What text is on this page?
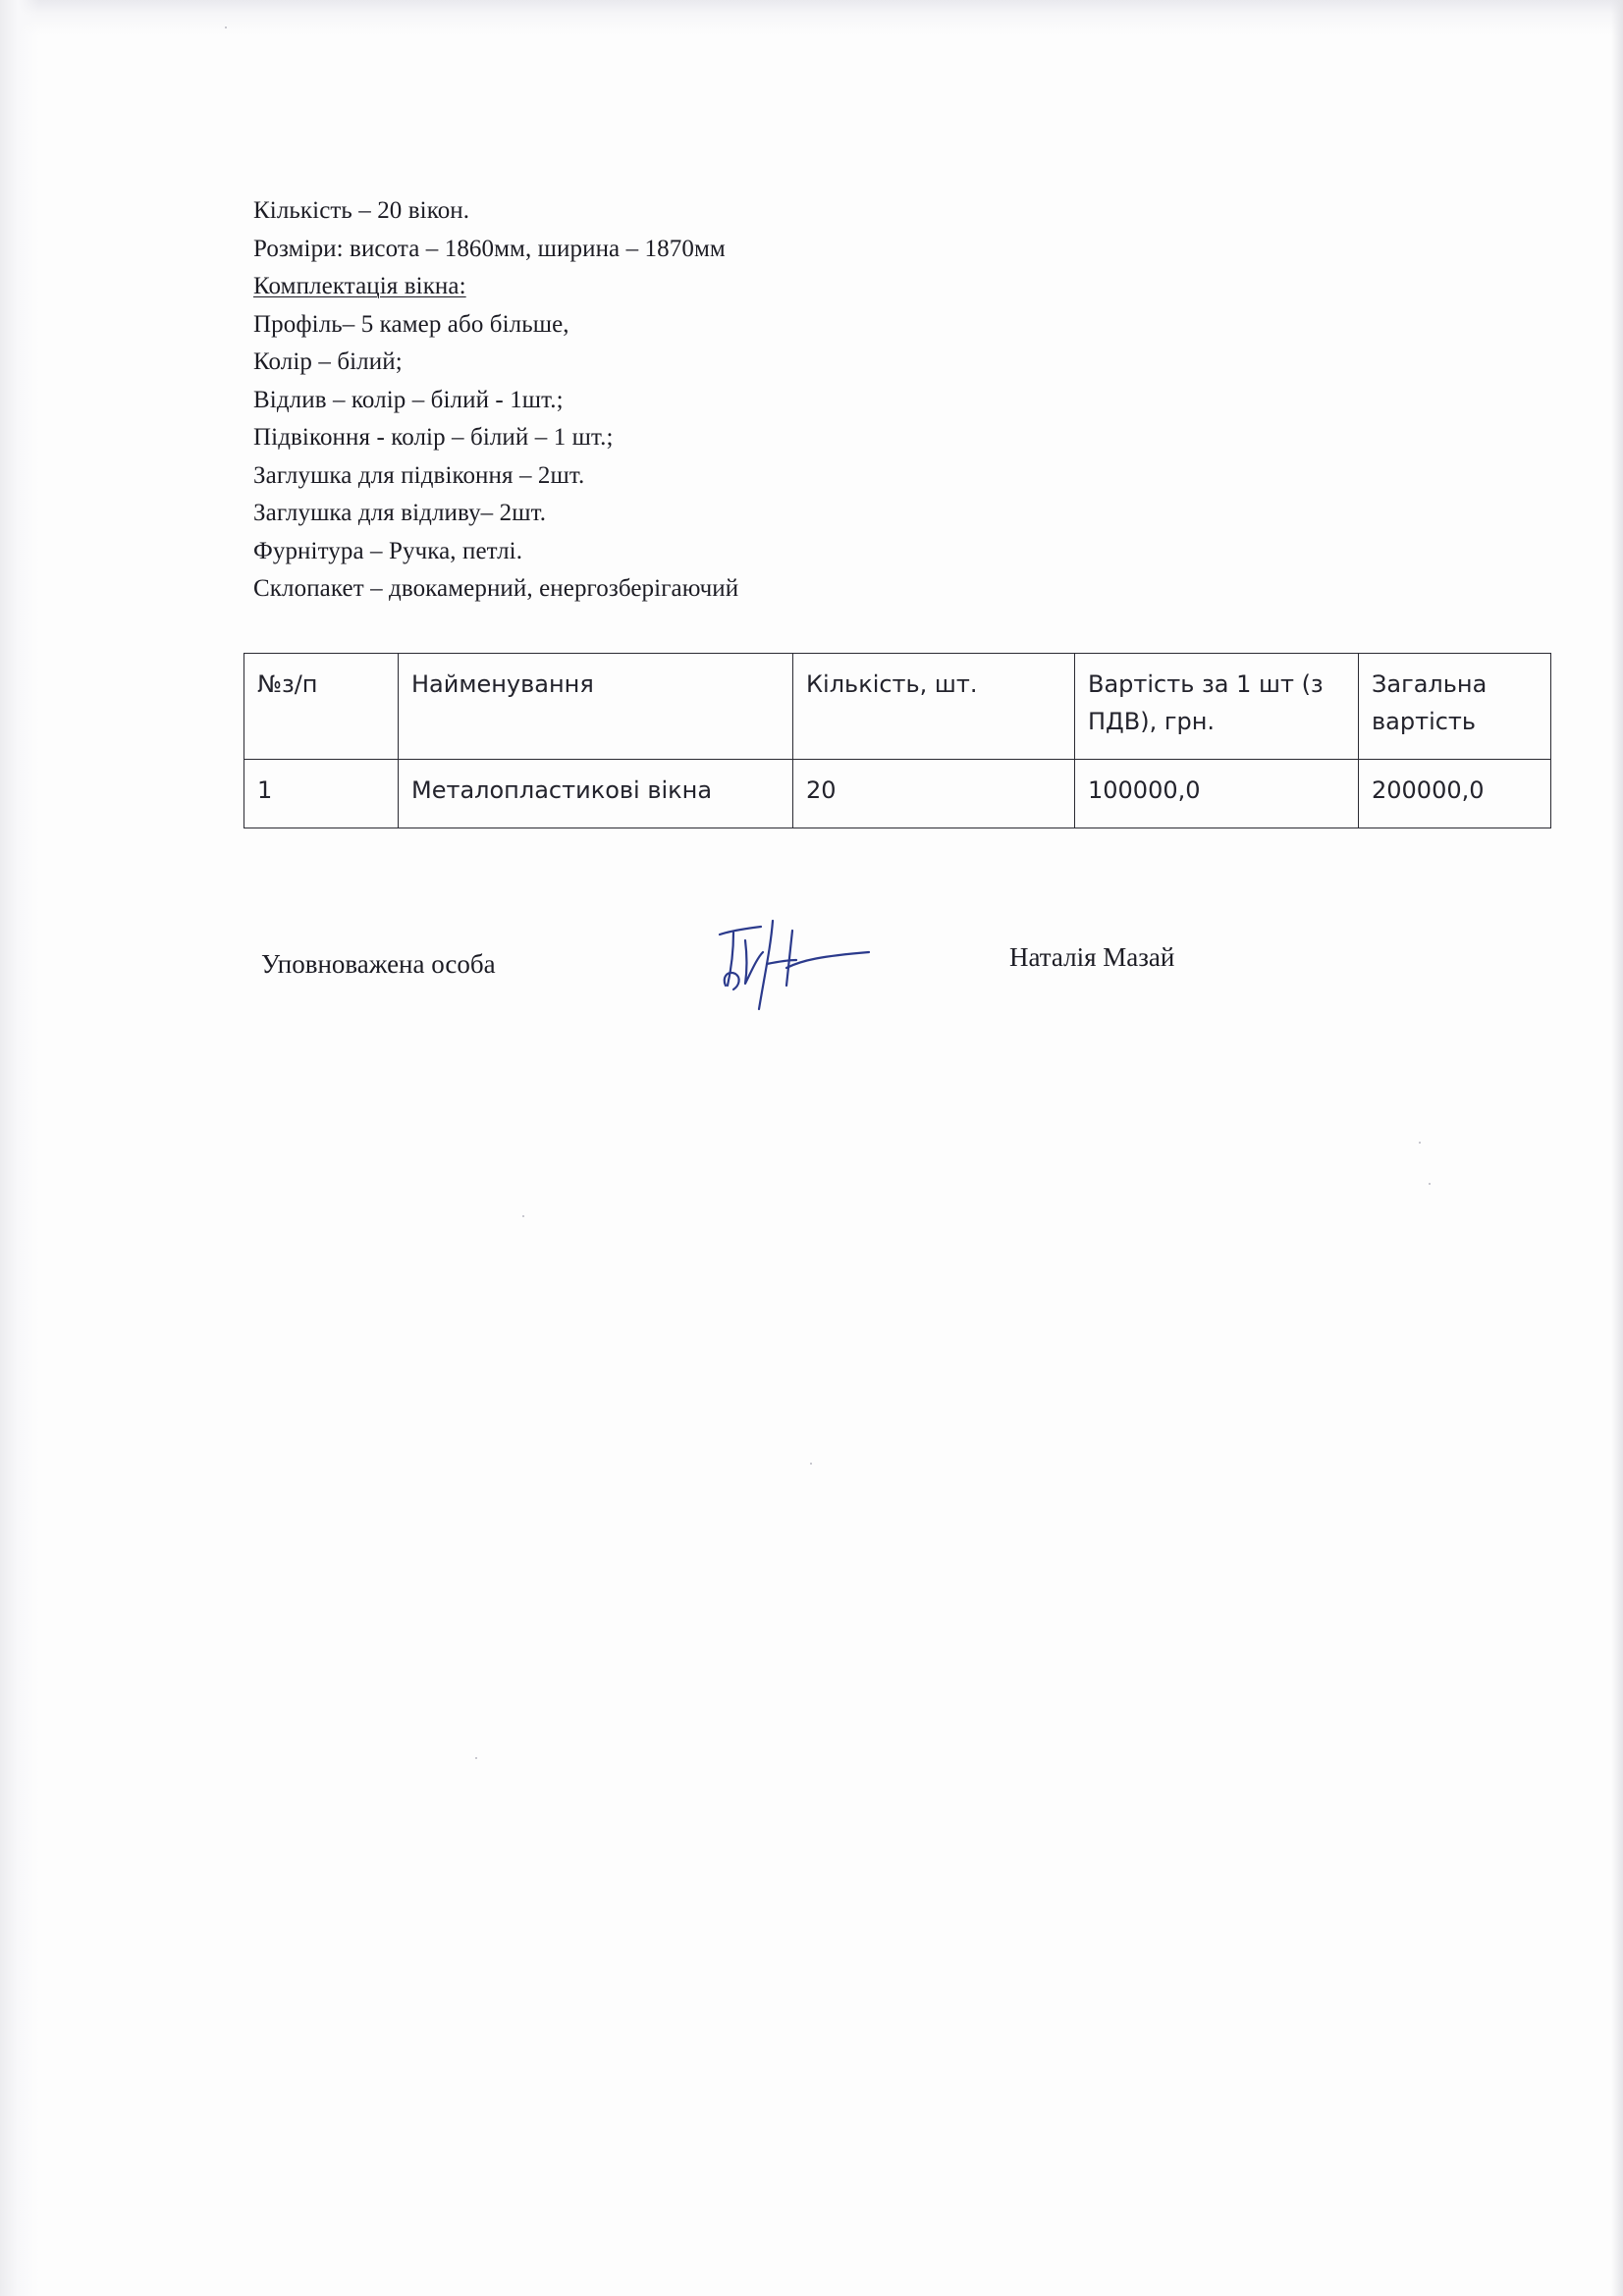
Кількість – 20 вікон.
Розміри: висота – 1860мм, ширина – 1870мм
Комплектація вікна:
Профіль– 5 камер або більше,
Колір – білий;
Відлив – колір – білий - 1шт.;
Підвіконня - колір – білий – 1 шт.;
Заглушка для підвіконня – 2шт.
Заглушка для відливу– 2шт.
Фурнітура – Ручка, петлі.
Склопакет – двокамерний, енергозберігаючий
№з/п	Найменування	Кількість, шт.	Вартість за 1 шт (з ПДВ), грн.	Загальна вартість
1	Металопластикові вікна	20	100000,0	200000,0
Уповноважена особа	Наталія Мазай
